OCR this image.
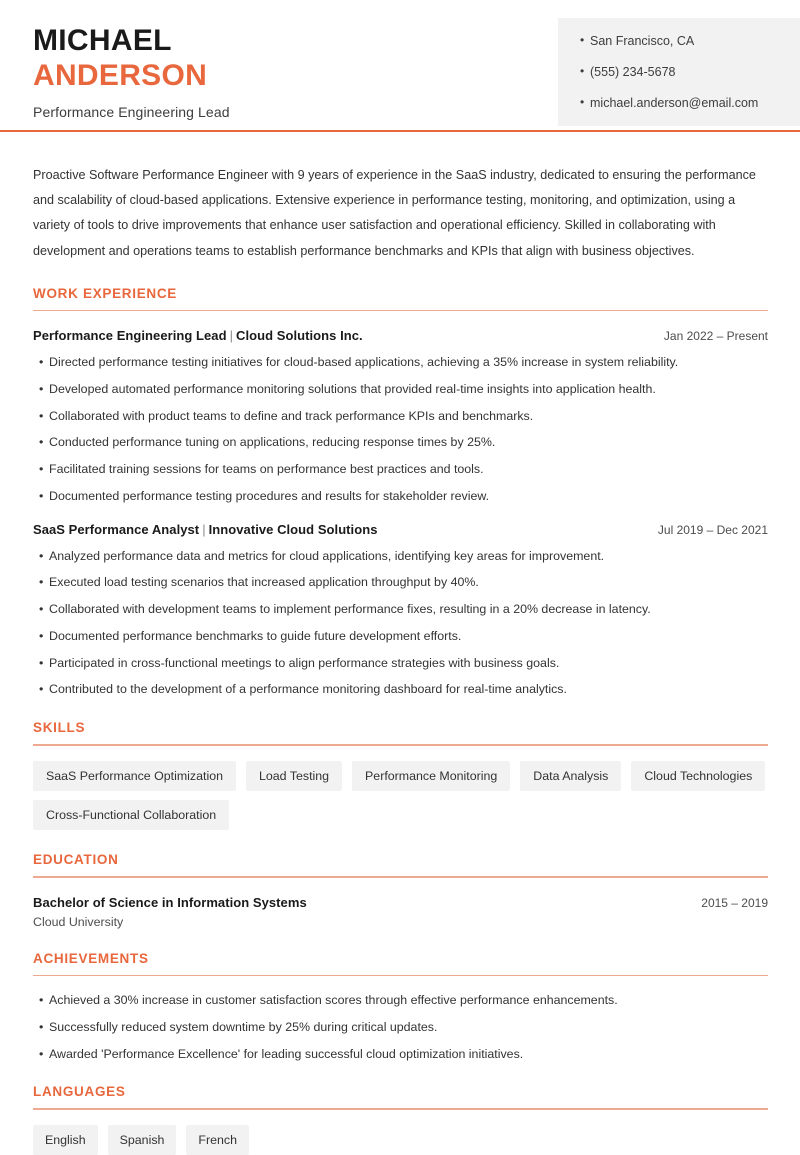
MICHAEL
ANDERSON
Performance Engineering Lead
• San Francisco, CA
• (555) 234-5678
• michael.anderson@email.com
Proactive Software Performance Engineer with 9 years of experience in the SaaS industry, dedicated to ensuring the performance and scalability of cloud-based applications. Extensive experience in performance testing, monitoring, and optimization, using a variety of tools to drive improvements that enhance user satisfaction and operational efficiency. Skilled in collaborating with development and operations teams to establish performance benchmarks and KPIs that align with business objectives.
WORK EXPERIENCE
Performance Engineering Lead | Cloud Solutions Inc.	Jan 2022 – Present
• Directed performance testing initiatives for cloud-based applications, achieving a 35% increase in system reliability.
• Developed automated performance monitoring solutions that provided real-time insights into application health.
• Collaborated with product teams to define and track performance KPIs and benchmarks.
• Conducted performance tuning on applications, reducing response times by 25%.
• Facilitated training sessions for teams on performance best practices and tools.
• Documented performance testing procedures and results for stakeholder review.
SaaS Performance Analyst | Innovative Cloud Solutions	Jul 2019 – Dec 2021
• Analyzed performance data and metrics for cloud applications, identifying key areas for improvement.
• Executed load testing scenarios that increased application throughput by 40%.
• Collaborated with development teams to implement performance fixes, resulting in a 20% decrease in latency.
• Documented performance benchmarks to guide future development efforts.
• Participated in cross-functional meetings to align performance strategies with business goals.
• Contributed to the development of a performance monitoring dashboard for real-time analytics.
SKILLS
SaaS Performance Optimization	Load Testing	Performance Monitoring	Data Analysis	Cloud Technologies
Cross-Functional Collaboration
EDUCATION
Bachelor of Science in Information Systems	2015 – 2019
Cloud University
ACHIEVEMENTS
• Achieved a 30% increase in customer satisfaction scores through effective performance enhancements.
• Successfully reduced system downtime by 25% during critical updates.
• Awarded 'Performance Excellence' for leading successful cloud optimization initiatives.
LANGUAGES
English	Spanish	French
